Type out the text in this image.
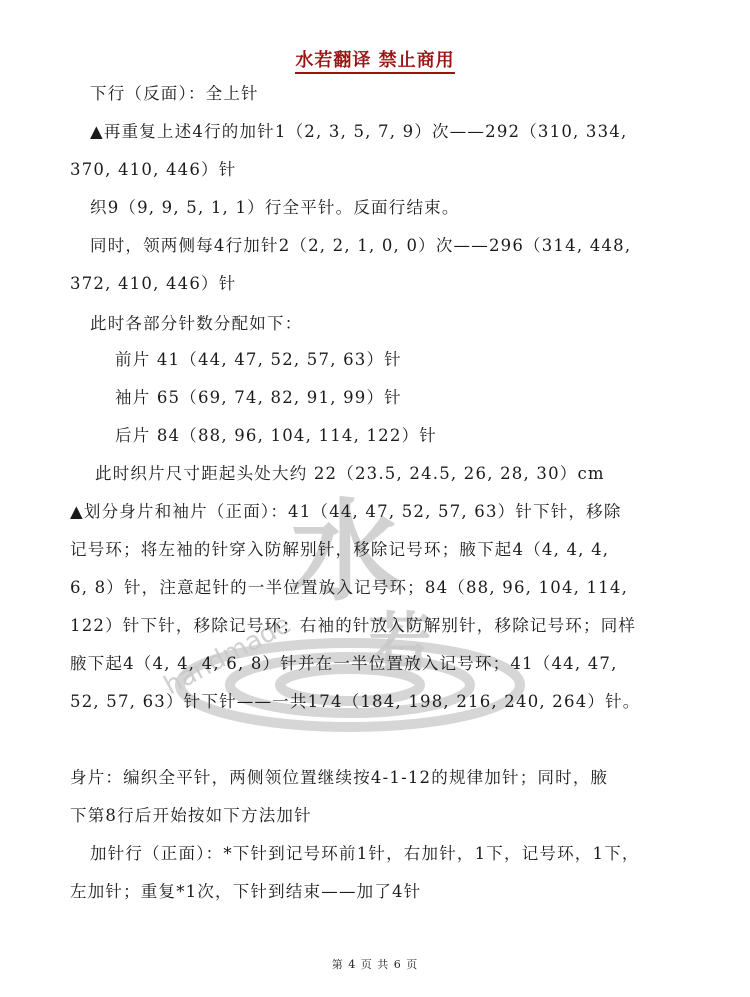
水
若
handmade
水若翻译 禁止商用
下行（反面）：全上针
▲再重复上述4行的加针1（2, 3, 5, 7, 9）次——292（310, 334,
370, 410, 446）针
织9（9, 9, 5, 1, 1）行全平针。反面行结束。
同时，领两侧每4行加针2（2, 2, 1, 0, 0）次——296（314, 448,
372, 410, 446）针
此时各部分针数分配如下：
前片 41（44, 47, 52, 57, 63）针
袖片 65（69, 74, 82, 91, 99）针
后片 84（88, 96, 104, 114, 122）针
此时织片尺寸距起头处大约 22（23.5, 24.5, 26, 28, 30）cm
▲划分身片和袖片（正面）：41（44, 47, 52, 57, 63）针下针，移除
记号环；将左袖的针穿入防解别针，移除记号环；腋下起4（4, 4, 4,
6, 8）针，注意起针的一半位置放入记号环；84（88, 96, 104, 114,
122）针下针，移除记号环；右袖的针放入防解别针，移除记号环；同样
腋下起4（4, 4, 4, 6, 8）针并在一半位置放入记号环；41（44, 47,
52, 57, 63）针下针——一共174（184, 198, 216, 240, 264）针。
身片：编织全平针，两侧领位置继续按4-1-12的规律加针；同时，腋
下第8行后开始按如下方法加针
加针行（正面）：*下针到记号环前1针，右加针，1下，记号环，1下，
左加针；重复*1次，下针到结束——加了4针
第 4 页 共 6 页
